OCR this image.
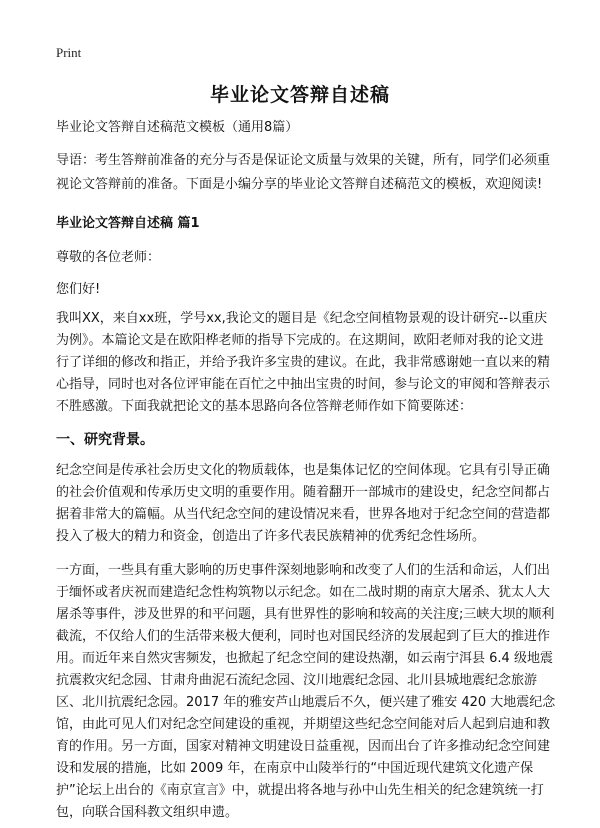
Print
毕业论文答辩自述稿

毕业论文答辩自述稿范文模板（通用8篇）

导语：考生答辩前准备的充分与否是保证论文质量与效果的关键，所有，同学们必须重视论文答辩前的准备。下面是小编分享的毕业论文答辩自述稿范文的模板，欢迎阅读!

毕业论文答辩自述稿 篇1

尊敬的各位老师：

您们好!

我叫XX，来自xx班，学号xx,我论文的题目是《纪念空间植物景观的设计研究--以重庆为例》。本篇论文是在欧阳桦老师的指导下完成的。在这期间，欧阳老师对我的论文进行了详细的修改和指正，并给予我许多宝贵的建议。在此，我非常感谢她一直以来的精心指导，同时也对各位评审能在百忙之中抽出宝贵的时间，参与论文的审阅和答辩表示不胜感激。下面我就把论文的基本思路向各位答辩老师作如下简要陈述：

一、研究背景。

纪念空间是传承社会历史文化的物质载体，也是集体记忆的空间体现。它具有引导正确的社会价值观和传承历史文明的重要作用。随着翻开一部城市的建设史，纪念空间都占据着非常大的篇幅。从当代纪念空间的建设情况来看，世界各地对于纪念空间的营造都投入了极大的精力和资金，创造出了许多代表民族精神的优秀纪念性场所。

一方面，一些具有重大影响的历史事件深刻地影响和改变了人们的生活和命运，人们出于缅怀或者庆祝而建造纪念性构筑物以示纪念。如在二战时期的南京大屠杀、犹太人大屠杀等事件，涉及世界的和平问题，具有世界性的影响和较高的关注度;三峡大坝的顺利截流，不仅给人们的生活带来极大便利，同时也对国民经济的发展起到了巨大的推进作用。而近年来自然灾害频发，也掀起了纪念空间的建设热潮，如云南宁洱县 6.4 级地震抗震救灾纪念园、甘肃舟曲泥石流纪念园、汶川地震纪念园、北川县城地震纪念旅游区、北川抗震纪念园。2017 年的雅安芦山地震后不久，便兴建了雅安 420 大地震纪念馆，由此可见人们对纪念空间建设的重视，并期望这些纪念空间能对后人起到启迪和教育的作用。另一方面，国家对精神文明建设日益重视，因而出台了许多推动纪念空间建设和发展的措施，比如 2009 年，在南京中山陵举行的“中国近现代建筑文化遗产保护”论坛上出台的《南京宣言》中，就提出将各地与孙中山先生相关的纪念建筑统一打包，向联合国科教文组织申遗。
